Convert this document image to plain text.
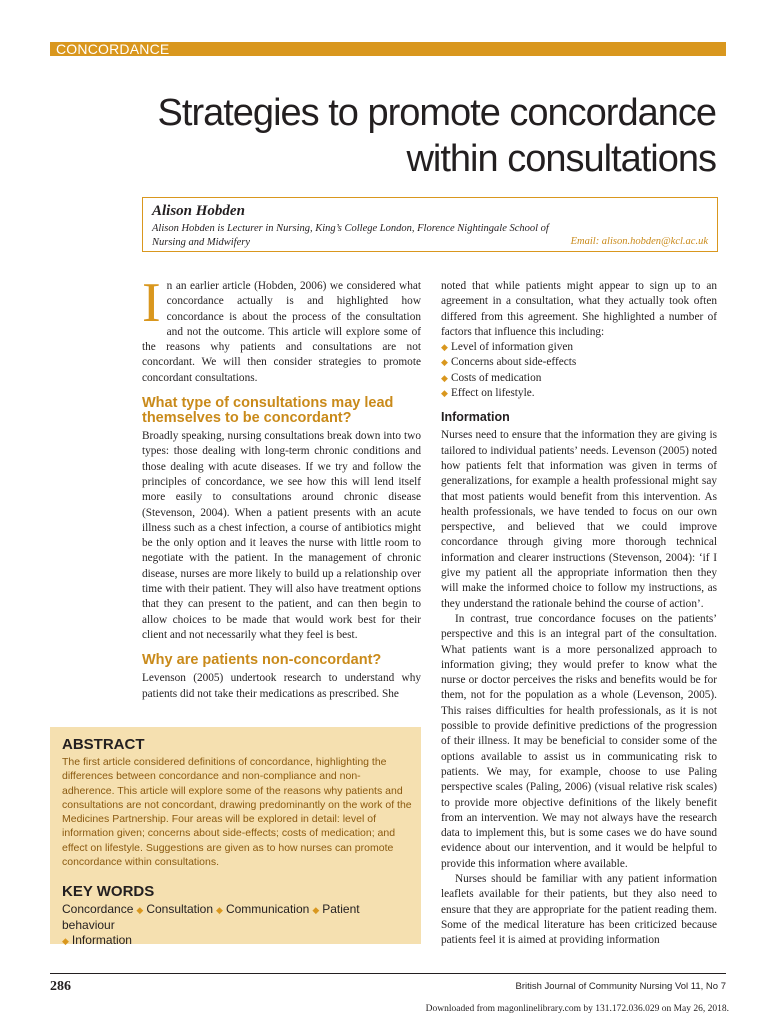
CONCORDANCE
Strategies to promote concordance
within consultations
Alison Hobden
Alison Hobden is Lecturer in Nursing, King’s College London, Florence Nightingale School of Nursing and Midwifery	Email: alison.hobden@kcl.ac.uk

In an earlier article (Hobden, 2006) we considered what concordance actually is and highlighted how concordance is about the process of the consultation and not the outcome. This article will explore some of the reasons why patients and consultations are not concordant. We will then consider strategies to promote concordant consultations.

What type of consultations may lead themselves to be concordant?

Broadly speaking, nursing consultations break down into two types: those dealing with long-term chronic conditions and those dealing with acute diseases. If we try and follow the principles of concordance, we see how this will lend itself more easily to consultations around chronic disease (Stevenson, 2004). When a patient presents with an acute illness such as a chest infection, a course of antibiotics might be the only option and it leaves the nurse with little room to negotiate with the patient. In the management of chronic disease, nurses are more likely to build up a relationship over time with their patient. They will also have treatment options that they can present to the patient, and can then begin to allow choices to be made that would work best for their client and not necessarily what they feel is best.

Why are patients non-concordant?

Levenson (2005) undertook research to understand why patients did not take their medications as prescribed. She

noted that while patients might appear to sign up to an agreement in a consultation, what they actually took often differed from this agreement. She highlighted a number of factors that influence this including:

◆ Level of information given
◆ Concerns about side-effects
◆ Costs of medication
◆ Effect on lifestyle.
Information

Nurses need to ensure that the information they are giving is tailored to individual patients’ needs. Levenson (2005) noted how patients felt that information was given in terms of generalizations, for example a health professional might say that most patients would benefit from this intervention. As health professionals, we have tended to focus on our own perspective, and believed that we could improve concordance through giving more thorough technical information and clearer instructions (Stevenson, 2004): ‘if I give my patient all the appropriate information then they will make the informed choice to follow my instructions, as they understand the rationale behind the course of action’.

In contrast, true concordance focuses on the patients’ perspective and this is an integral part of the consultation. What patients want is a more personalized approach to information giving; they would prefer to know what the nurse or doctor perceives the risks and benefits would be for them, not for the population as a whole (Levenson, 2005). This raises difficulties for health professionals, as it is not possible to provide definitive predictions of the progression of their illness. It may be beneficial to consider some of the options available to assist us in communicating risk to patients. We may, for example, choose to use Paling perspective scales (Paling, 2006) (visual relative risk scales) to provide more objective definitions of the likely benefit from an intervention. We may not always have the research data to implement this, but is some cases we do have sound evidence about our intervention, and it would be helpful to provide this information where available.

Nurses should be familiar with any patient information leaflets available for their patients, but they also need to ensure that they are appropriate for the patient reading them. Some of the medical literature has been criticized because patients feel it is aimed at providing information

ABSTRACT
The first article considered definitions of concordance, highlighting the differences between concordance and non-compliance and non-adherence. This article will explore some of the reasons why patients and consultations are not concordant, drawing predominantly on the work of the Medicines Partnership. Four areas will be explored in detail: level of information given; concerns about side-effects; costs of medication; and effect on lifestyle. Suggestions are given as to how nurses can promote concordance within consultations.
KEY WORDS
Concordance ◆ Consultation ◆ Communication ◆ Patient behaviour
◆ Information
286	British Journal of Community Nursing Vol 11, No 7
Downloaded from magonlinelibrary.com by 131.172.036.029 on May 26, 2018.
